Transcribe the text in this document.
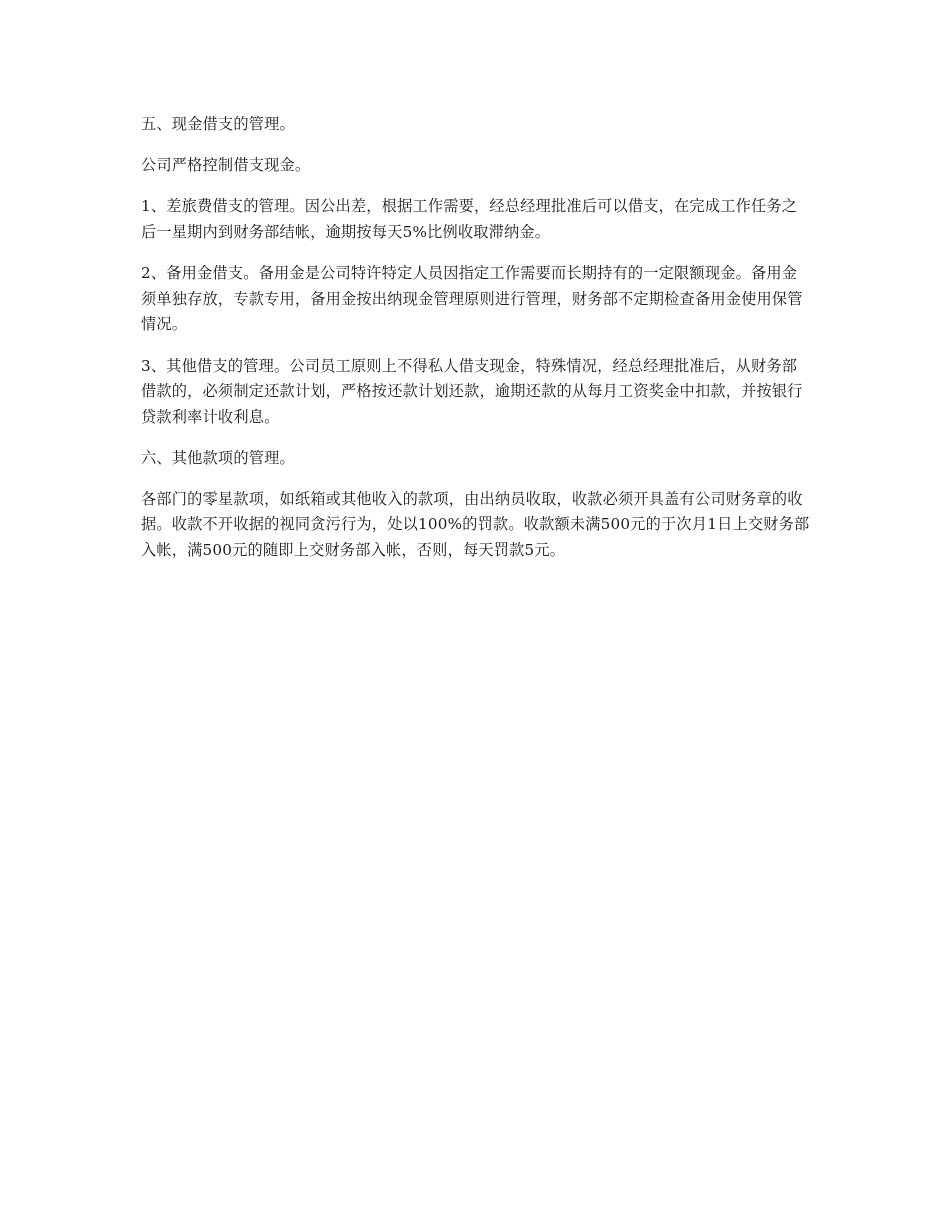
五、现金借支的管理。

公司严格控制借支现金。

1、差旅费借支的管理。因公出差，根据工作需要，经总经理批准后可以借支，在完成工作任务之后一星期内到财务部结帐，逾期按每天5%比例收取滞纳金。

2、备用金借支。备用金是公司特许特定人员因指定工作需要而长期持有的一定限额现金。备用金须单独存放，专款专用，备用金按出纳现金管理原则进行管理，财务部不定期检查备用金使用保管情况。

3、其他借支的管理。公司员工原则上不得私人借支现金，特殊情况，经总经理批准后，从财务部借款的，必须制定还款计划，严格按还款计划还款，逾期还款的从每月工资奖金中扣款，并按银行贷款利率计收利息。

六、其他款项的管理。

各部门的零星款项，如纸箱或其他收入的款项，由出纳员收取，收款必须开具盖有公司财务章的收据。收款不开收据的视同贪污行为，处以100%的罚款。收款额未满500元的于次月1日上交财务部入帐，满500元的随即上交财务部入帐，否则，每天罚款5元。
